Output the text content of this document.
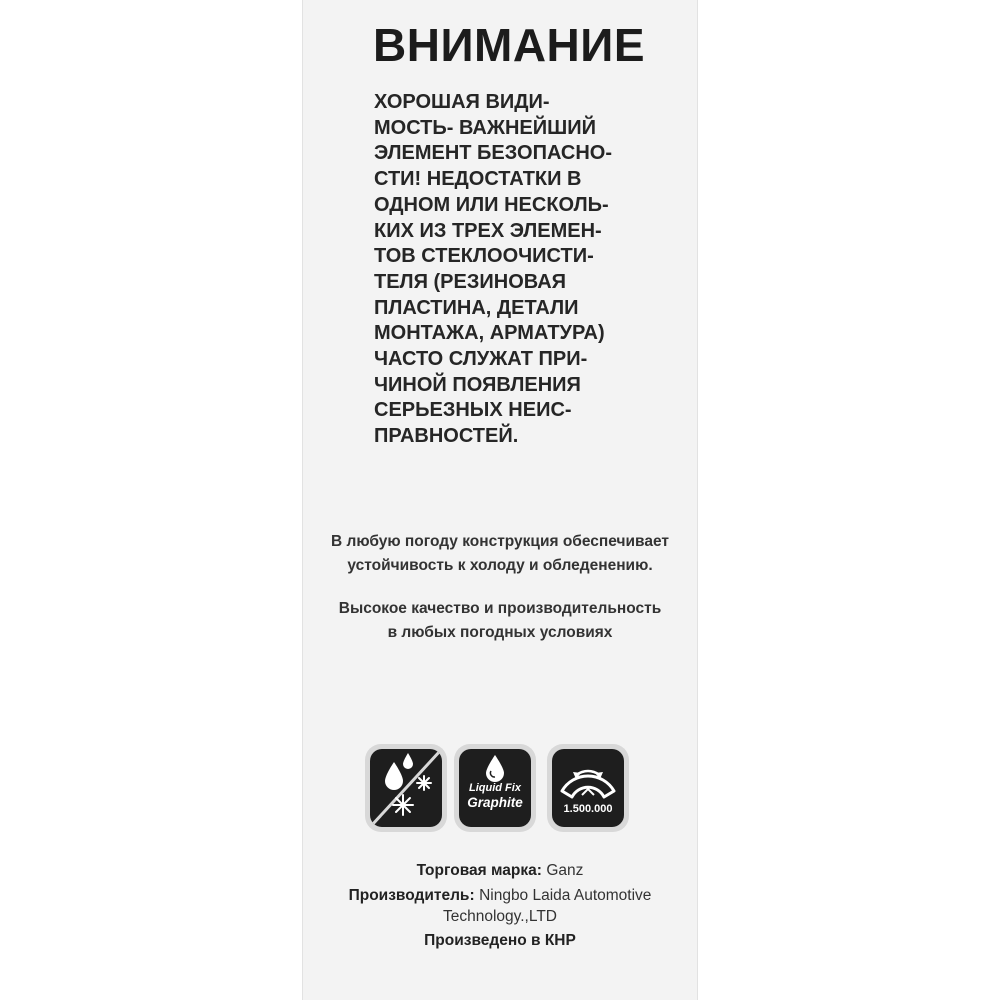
ВНИМАНИЕ

ХОРОШАЯ ВИДИ-
МОСТЬ- ВАЖНЕЙШИЙ
ЭЛЕМЕНТ БЕЗОПАСНО-
СТИ! НЕДОСТАТКИ В
ОДНОМ ИЛИ НЕСКОЛЬ-
КИХ ИЗ ТРЕХ ЭЛЕМЕН-
ТОВ СТЕКЛООЧИСТИ-
ТЕЛЯ (РЕЗИНОВАЯ
ПЛАСТИНА, ДЕТАЛИ
МОНТАЖА, АРМАТУРА)
ЧАСТО СЛУЖАТ ПРИ-
ЧИНОЙ ПОЯВЛЕНИЯ
СЕРЬЕЗНЫХ НЕИС-
ПРАВНОСТЕЙ.

В любую погоду конструкция обеспечивает
устойчивость к холоду и обледенению.

Высокое качество и производительность
в любых погодных условиях

Liquid Fix
Graphite	1.500.000

Торговая марка: Ganz

Производитель: Ningbo Laida Automotive

Technology.,LTD

Произведено в КНР
